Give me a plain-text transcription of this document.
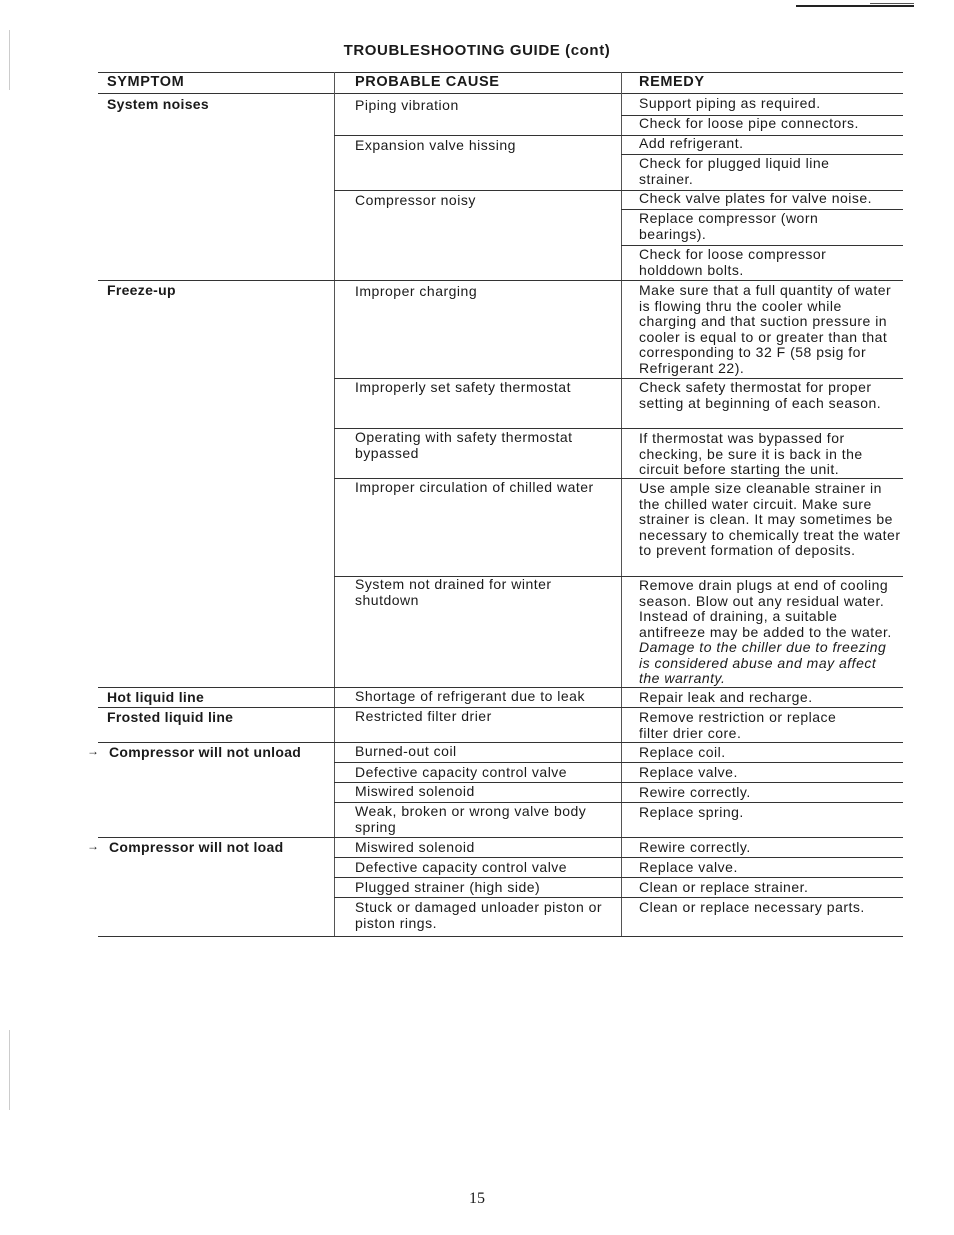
TROUBLESHOOTING GUIDE (cont)
SYMPTOM	PROBABLE CAUSE	REMEDY
System noises
Freeze-up
Hot liquid line
Frosted liquid line
→ Compressor will not unload
→ Compressor will not load
Piping vibration
Expansion valve hissing
Compressor noisy
Improper charging
Improperly set safety thermostat
Operating with safety thermostat bypassed
Improper circulation of chilled water
System not drained for winter shutdown
Shortage of refrigerant due to leak
Restricted filter drier
Burned-out coil
Defective capacity control valve
Miswired solenoid
Weak, broken or wrong valve body spring
Miswired solenoid
Defective capacity control valve
Plugged strainer (high side)
Stuck or damaged unloader piston or piston rings.
Support piping as required.
Check for loose pipe connectors.
Add refrigerant.
Check for plugged liquid line strainer.
Check valve plates for valve noise.
Replace compressor (worn bearings).
Check for loose compressor holddown bolts.
Make sure that a full quantity of water is flowing thru the cooler while charging and that suction pressure in cooler is equal to or greater than that corresponding to 32 F (58 psig for Refrigerant 22).
Check safety thermostat for proper setting at beginning of each season.
If thermostat was bypassed for checking, be sure it is back in the circuit before starting the unit.
Use ample size cleanable strainer in the chilled water circuit. Make sure strainer is clean. It may sometimes be necessary to chemically treat the water to prevent formation of deposits.
Remove drain plugs at end of cooling season. Blow out any residual water. Instead of draining, a suitable antifreeze may be added to the water. Damage to the chiller due to freezing is considered abuse and may affect the warranty.
Repair leak and recharge.
Remove restriction or replace filter drier core.
Replace coil.
Replace valve.
Rewire correctly.
Replace spring.
Rewire correctly.
Replace valve.
Clean or replace strainer.
Clean or replace necessary parts.
15
